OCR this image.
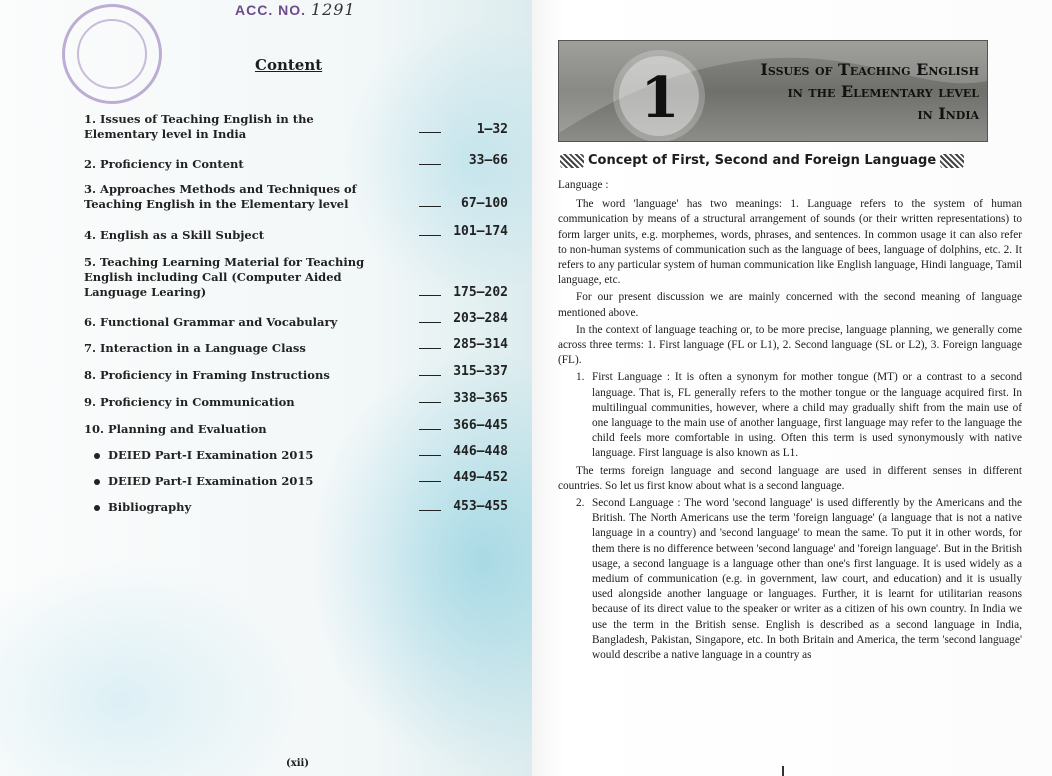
ACC. NO. 1291
Content
1. Issues of Teaching English in the Elementary level in India	1–32
2. Proficiency in Content	33–66
3. Approaches Methods and Techniques of Teaching English in the Elementary level	67–100
4. English as a Skill Subject	101–174
5. Teaching Learning Material for Teaching English including Call (Computer Aided Language Learing)	175–202
6. Functional Grammar and Vocabulary	203–284
7. Interaction in a Language Class	285–314
8. Proficiency in Framing Instructions	315–337
9. Proficiency in Communication	338–365
10. Planning and Evaluation	366–445
DEIED Part-I Examination 2015	446–448
DEIED Part-I Examination 2015	449–452
Bibliography	453–455
(xii)
1	Issues of Teaching English
in the Elementary level
in India
Concept of First, Second and Foreign Language

Language :

The word 'language' has two meanings: 1. Language refers to the system of human communication by means of a structural arrangement of sounds (or their written representations) to form larger units, e.g. morphemes, words, phrases, and sentences. In common usage it can also refer to non-human systems of communication such as the language of bees, language of dolphins, etc. 2. It refers to any particular system of human communication like English language, Hindi language, Tamil language, etc.

For our present discussion we are mainly concerned with the second meaning of language mentioned above.

In the context of language teaching or, to be more precise, language planning, we generally come across three terms: 1. First language (FL or L1), 2. Second language (SL or L2), 3. Foreign language (FL).

1. First Language : It is often a synonym for mother tongue (MT) or a contrast to a second language. That is, FL generally refers to the mother tongue or the language acquired first. In multilingual communities, however, where a child may gradually shift from the main use of one language to the main use of another language, first language may refer to the language the child feels more comfortable in using. Often this term is used synonymously with native language. First language is also known as L1.

The terms foreign language and second language are used in different senses in different countries. So let us first know about what is a second language.

2. Second Language : The word 'second language' is used differently by the Americans and the British. The North Americans use the term 'foreign language' (a language that is not a native language in a country) and 'second language' to mean the same. To put it in other words, for them there is no difference between 'second language' and 'foreign language'. But in the British usage, a second language is a language other than one's first language. It is used widely as a medium of communication (e.g. in government, law court, and education) and it is usually used alongside another language or languages. Further, it is learnt for utilitarian reasons because of its direct value to the speaker or writer as a citizen of his own country. In India we use the term in the British sense. English is described as a second language in India, Bangladesh, Pakistan, Singapore, etc. In both Britain and America, the term 'second language' would describe a native language in a country as
